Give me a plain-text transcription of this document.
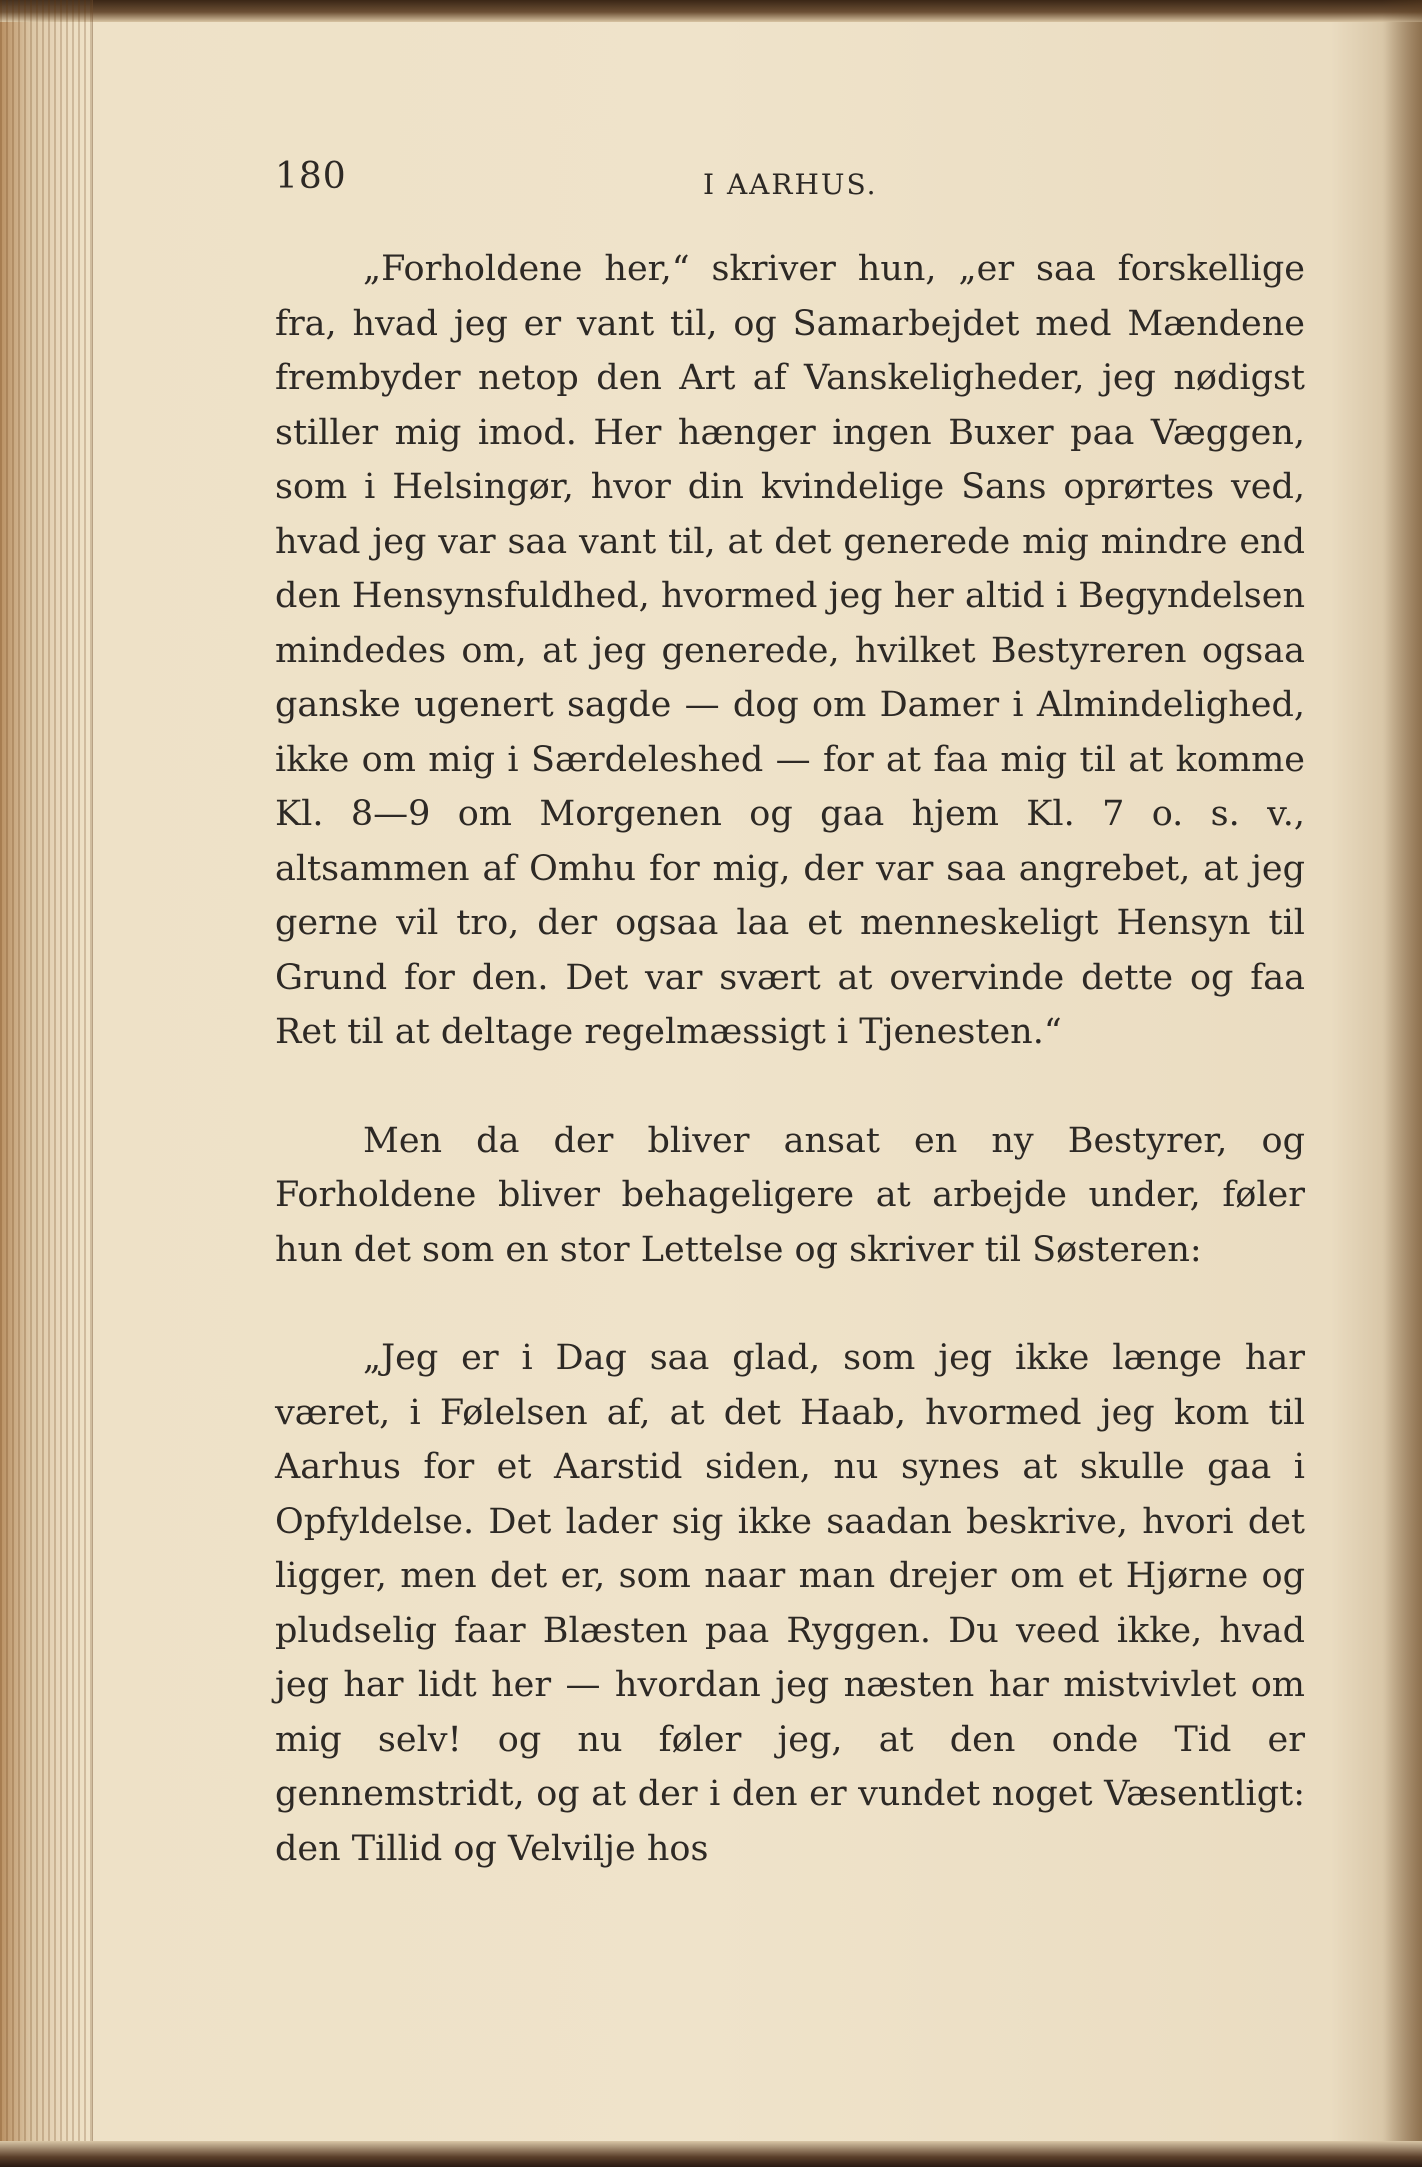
180	I AARHUS.

„Forholdene her,“ skriver hun, „er saa forskellige fra, hvad jeg er vant til, og Samarbejdet med Mændene frembyder netop den Art af Vanskeligheder, jeg nødigst stiller mig imod. Her hænger ingen Buxer paa Væggen, som i Helsingør, hvor din kvindelige Sans oprørtes ved, hvad jeg var saa vant til, at det generede mig mindre end den Hensynsfuldhed, hvormed jeg her altid i Begyndelsen mindedes om, at jeg generede, hvilket Bestyreren ogsaa ganske ugenert sagde — dog om Damer i Almindelighed, ikke om mig i Særdeleshed — for at faa mig til at komme Kl. 8—9 om Morgenen og gaa hjem Kl. 7 o. s. v., altsammen af Omhu for mig, der var saa angrebet, at jeg gerne vil tro, der ogsaa laa et menneskeligt Hensyn til Grund for den. Det var svært at overvinde dette og faa Ret til at deltage regelmæssigt i Tjenesten.“

Men da der bliver ansat en ny Bestyrer, og Forholdene bliver behageligere at arbejde under, føler hun det som en stor Lettelse og skriver til Søsteren:

„Jeg er i Dag saa glad, som jeg ikke længe har været, i Følelsen af, at det Haab, hvormed jeg kom til Aarhus for et Aarstid siden, nu synes at skulle gaa i Opfyldelse. Det lader sig ikke saadan beskrive, hvori det ligger, men det er, som naar man drejer om et Hjørne og pludselig faar Blæsten paa Ryggen. Du veed ikke, hvad jeg har lidt her — hvordan jeg næsten har mistvivlet om mig selv! og nu føler jeg, at den onde Tid er gennemstridt, og at der i den er vundet noget Væsentligt: den Tillid og Velvilje hos
